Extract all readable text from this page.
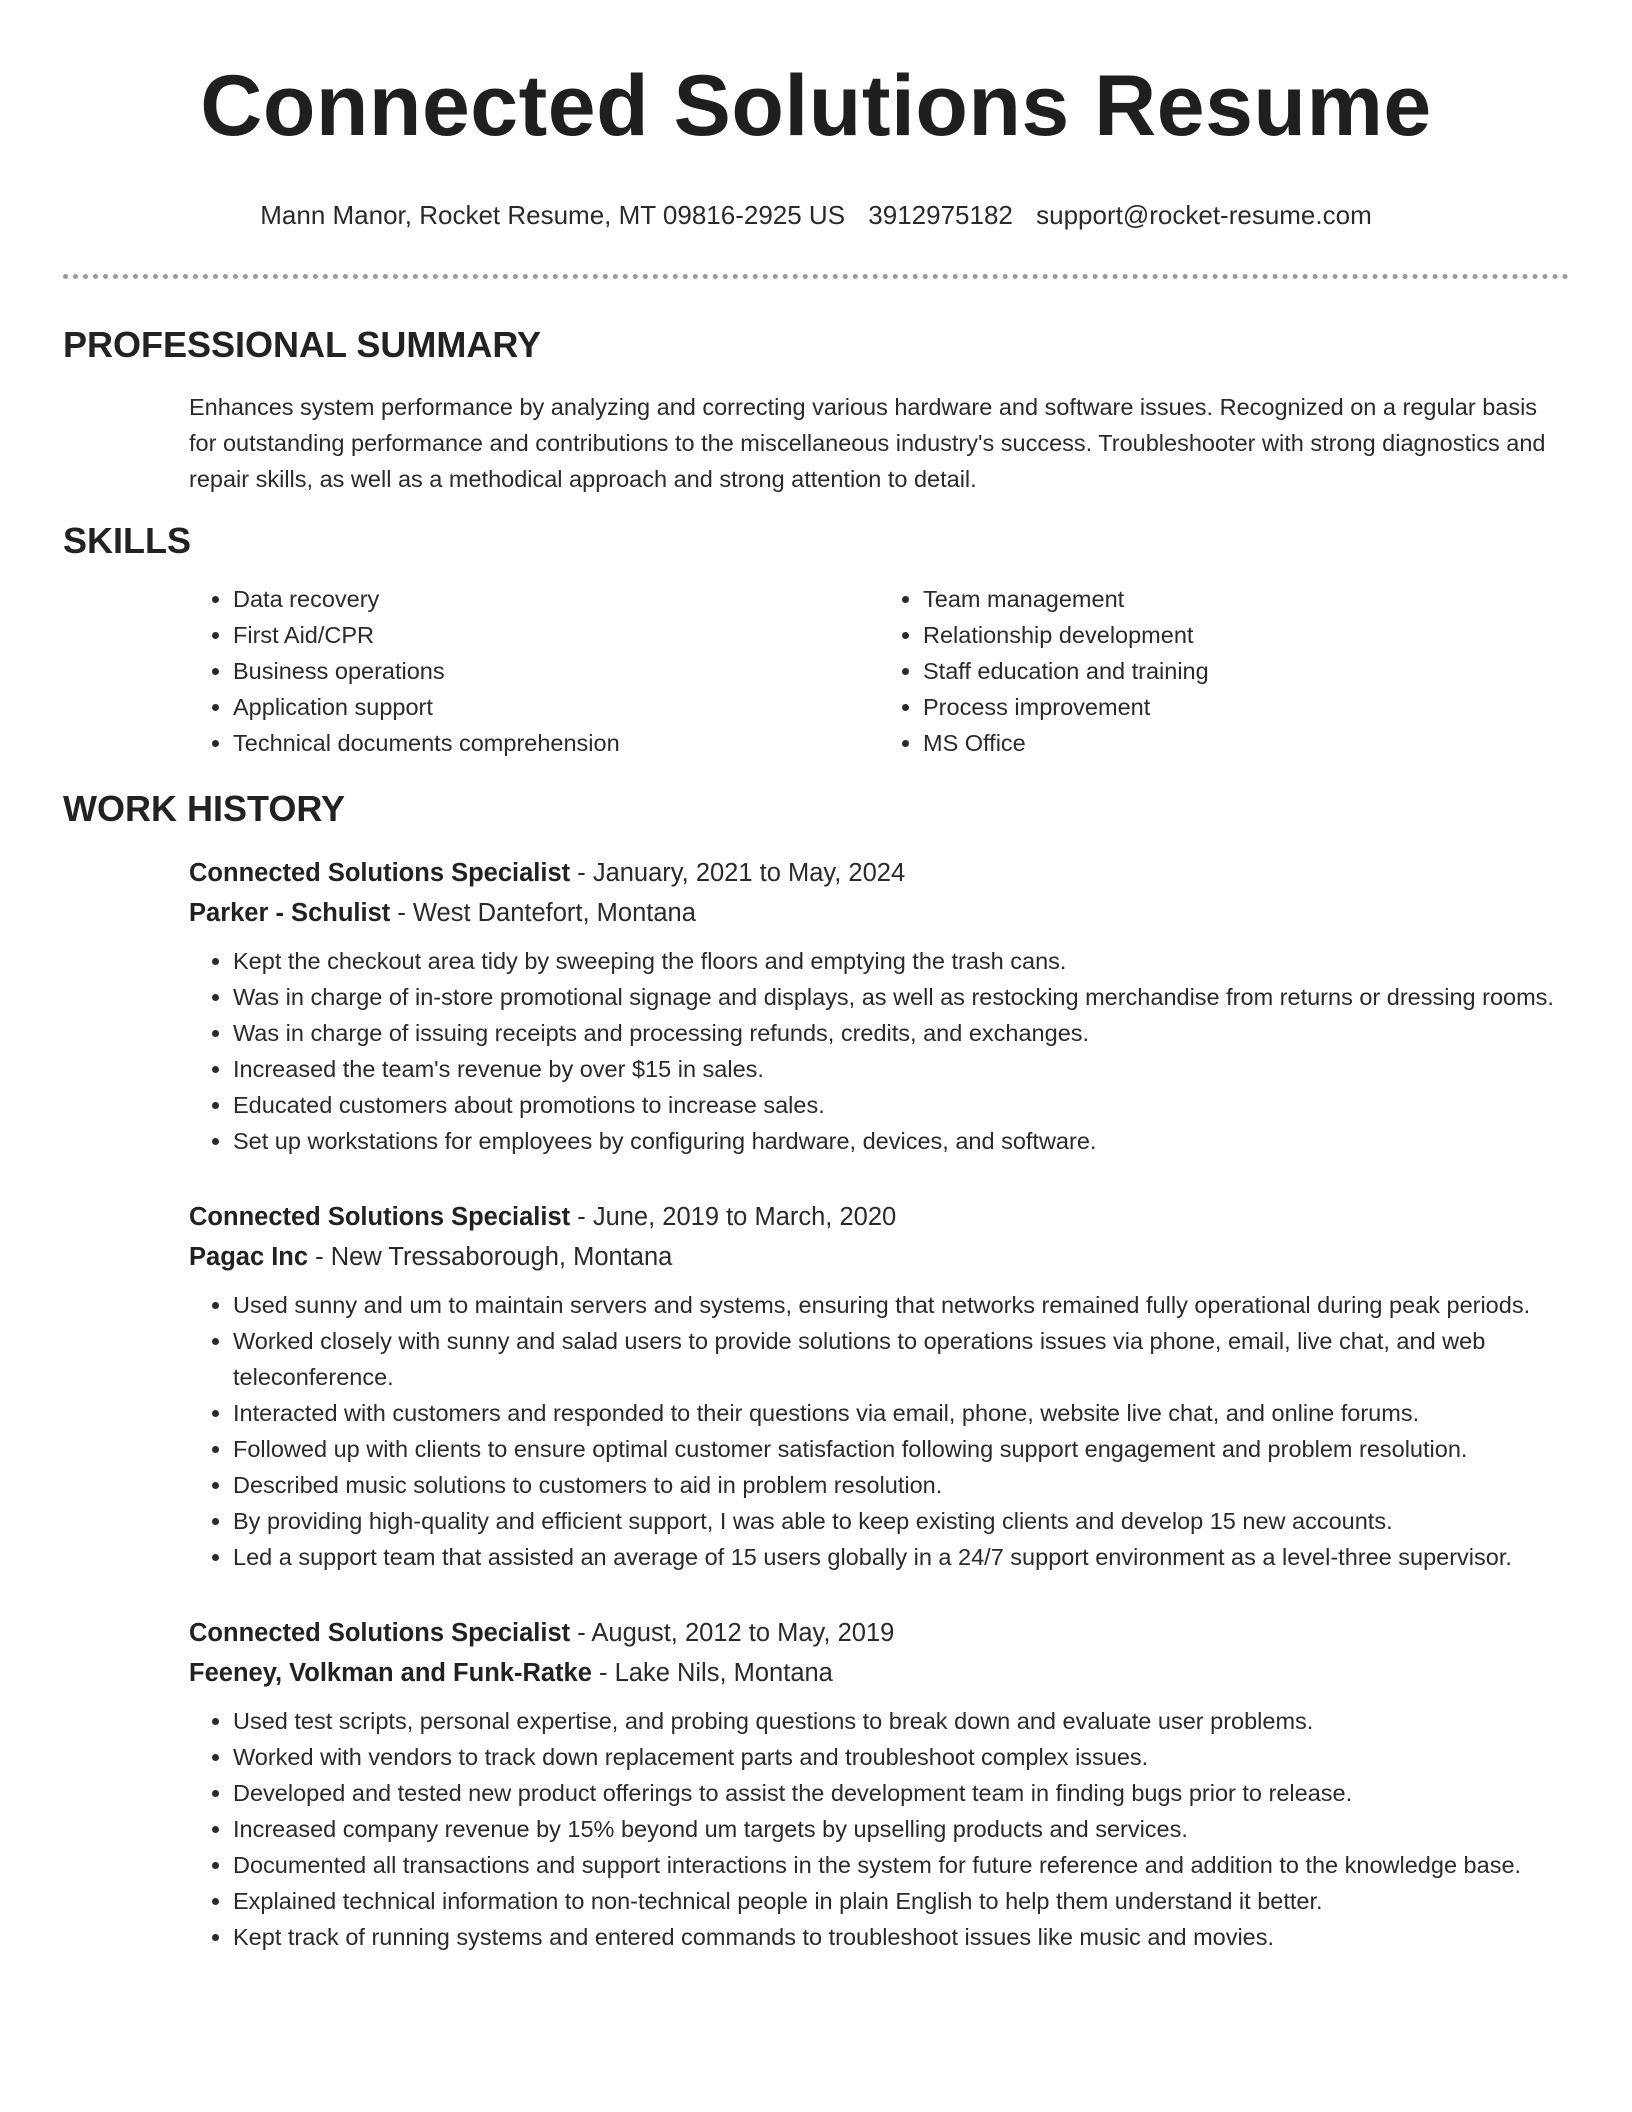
Connected Solutions Resume
Mann Manor, Rocket Resume, MT 09816-2925 US 3912975182 support@rocket-resume.com
PROFESSIONAL SUMMARY
Enhances system performance by analyzing and correcting various hardware and software issues. Recognized on a regular basis for outstanding performance and contributions to the miscellaneous industry's success. Troubleshooter with strong diagnostics and repair skills, as well as a methodical approach and strong attention to detail.
SKILLS
• Data recovery
• First Aid/CPR
• Business operations
• Application support
• Technical documents comprehension
• Team management
• Relationship development
• Staff education and training
• Process improvement
• MS Office
WORK HISTORY
Connected Solutions Specialist - January, 2021 to May, 2024
Parker - Schulist - West Dantefort, Montana
• Kept the checkout area tidy by sweeping the floors and emptying the trash cans.
• Was in charge of in-store promotional signage and displays, as well as restocking merchandise from returns or dressing rooms.
• Was in charge of issuing receipts and processing refunds, credits, and exchanges.
• Increased the team's revenue by over $15 in sales.
• Educated customers about promotions to increase sales.
• Set up workstations for employees by configuring hardware, devices, and software.
Connected Solutions Specialist - June, 2019 to March, 2020
Pagac Inc - New Tressaborough, Montana
• Used sunny and um to maintain servers and systems, ensuring that networks remained fully operational during peak periods.
• Worked closely with sunny and salad users to provide solutions to operations issues via phone, email, live chat, and web teleconference.
• Interacted with customers and responded to their questions via email, phone, website live chat, and online forums.
• Followed up with clients to ensure optimal customer satisfaction following support engagement and problem resolution.
• Described music solutions to customers to aid in problem resolution.
• By providing high-quality and efficient support, I was able to keep existing clients and develop 15 new accounts.
• Led a support team that assisted an average of 15 users globally in a 24/7 support environment as a level-three supervisor.
Connected Solutions Specialist - August, 2012 to May, 2019
Feeney, Volkman and Funk-Ratke - Lake Nils, Montana
• Used test scripts, personal expertise, and probing questions to break down and evaluate user problems.
• Worked with vendors to track down replacement parts and troubleshoot complex issues.
• Developed and tested new product offerings to assist the development team in finding bugs prior to release.
• Increased company revenue by 15% beyond um targets by upselling products and services.
• Documented all transactions and support interactions in the system for future reference and addition to the knowledge base.
• Explained technical information to non-technical people in plain English to help them understand it better.
• Kept track of running systems and entered commands to troubleshoot issues like music and movies.
